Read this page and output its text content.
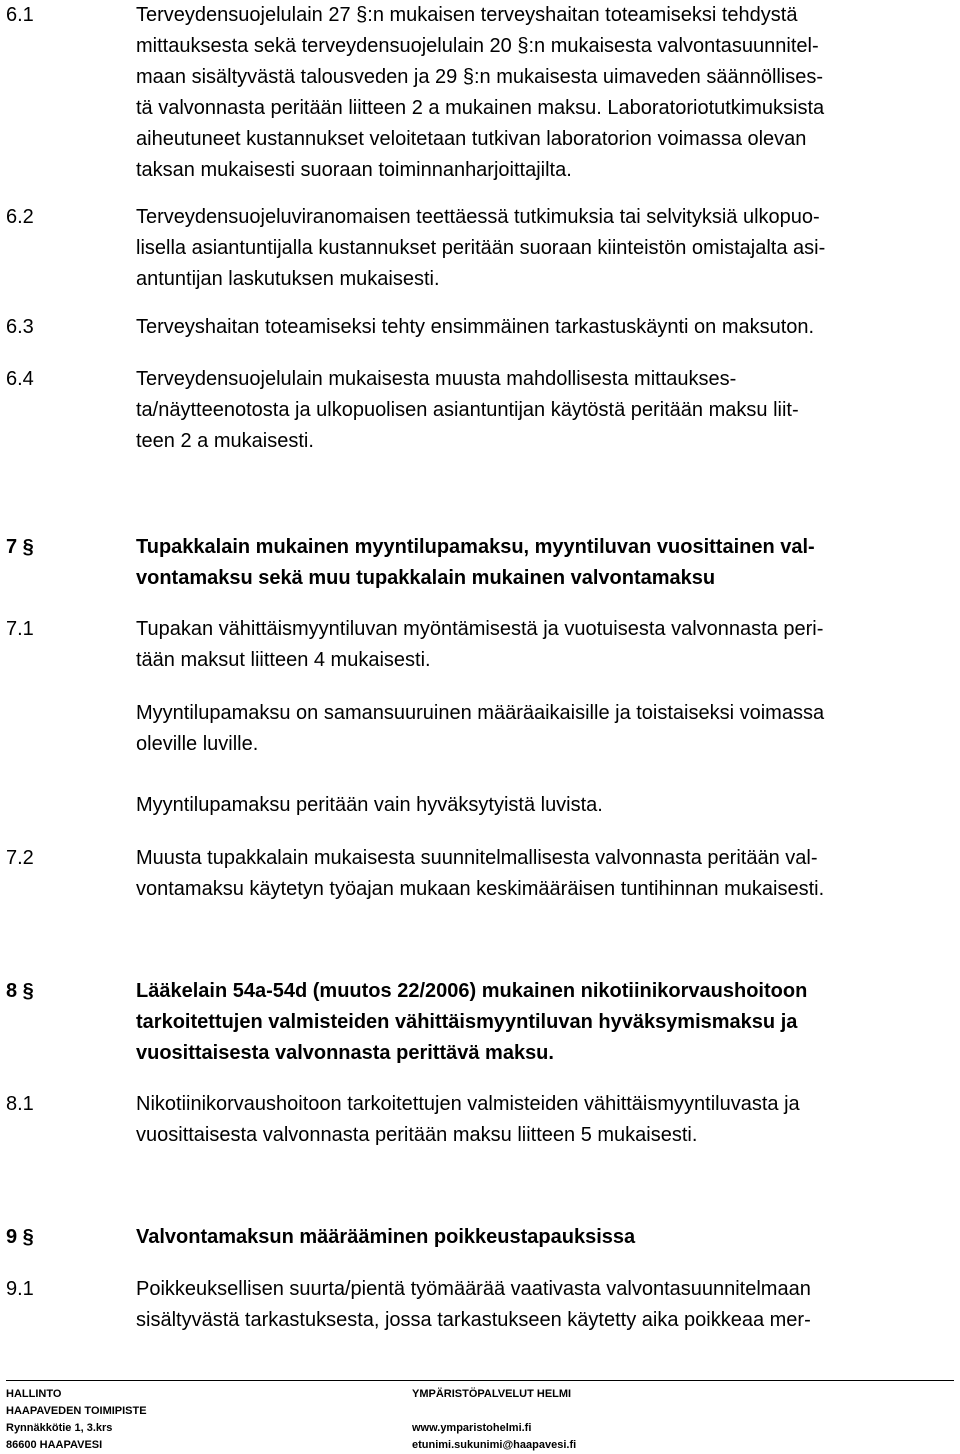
6.1	Terveydensuojelulain 27 §:n mukaisen terveyshaitan toteamiseksi tehdystä
mittauksesta sekä terveydensuojelulain 20 §:n mukaisesta valvontasuunnitel-
maan sisältyvästä talousveden ja 29 §:n mukaisesta uimaveden säännöllises-
tä valvonnasta peritään liitteen 2 a mukainen maksu. Laboratoriotutkimuksista
aiheutuneet kustannukset veloitetaan tutkivan laboratorion voimassa olevan
taksan mukaisesti suoraan toiminnanharjoittajilta.
6.2	Terveydensuojeluviranomaisen teettäessä tutkimuksia tai selvityksiä ulkopuo-
lisella asiantuntijalla kustannukset peritään suoraan kiinteistön omistajalta asi-
antuntijan laskutuksen mukaisesti.
6.3	Terveyshaitan toteamiseksi tehty ensimmäinen tarkastuskäynti on maksuton.
6.4	Terveydensuojelulain mukaisesta muusta mahdollisesta mittaukses-
ta/näytteenotosta ja ulkopuolisen asiantuntijan käytöstä peritään maksu liit-
teen 2 a mukaisesti.
7 §	Tupakkalain mukainen myyntilupamaksu, myyntiluvan vuosittainen val-
vontamaksu sekä muu tupakkalain mukainen valvontamaksu
7.1	Tupakan vähittäismyyntiluvan myöntämisestä ja vuotuisesta valvonnasta peri-
tään maksut liitteen 4 mukaisesti.
Myyntilupamaksu on samansuuruinen määräaikaisille ja toistaiseksi voimassa
oleville luville.
Myyntilupamaksu peritään vain hyväksytyistä luvista.
7.2	Muusta tupakkalain mukaisesta suunnitelmallisesta valvonnasta peritään val-
vontamaksu käytetyn työajan mukaan keskimääräisen tuntihinnan mukaisesti.
8 §	Lääkelain 54a-54d (muutos 22/2006) mukainen nikotiinikorvaushoitoon
tarkoitettujen valmisteiden vähittäismyyntiluvan hyväksymismaksu ja
vuosittaisesta valvonnasta perittävä maksu.
8.1	Nikotiinikorvaushoitoon tarkoitettujen valmisteiden vähittäismyyntiluvasta ja
vuosittaisesta valvonnasta peritään maksu liitteen 5 mukaisesti.
9 §	Valvontamaksun määrääminen poikkeustapauksissa
9.1	Poikkeuksellisen suurta/pientä työmäärää vaativasta valvontasuunnitelmaan
sisältyvästä tarkastuksesta, jossa tarkastukseen käytetty aika poikkeaa mer-
HALLINTO
HAAPAVEDEN TOIMIPISTE
Rynnäkkötie 1, 3.krs
86600 HAAPAVESI
YMPÄRISTÖPALVELUT HELMI

www.ymparistohelmi.fi
etunimi.sukunimi@haapavesi.fi
